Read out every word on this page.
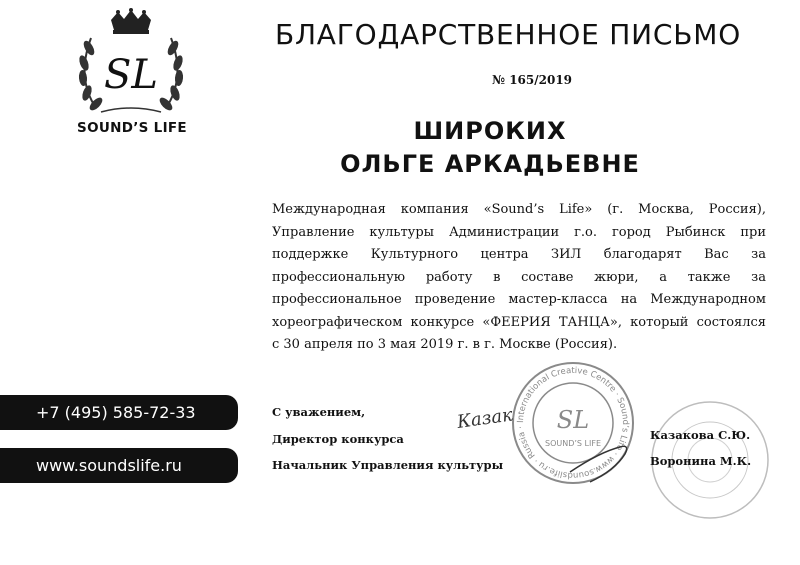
SL
SOUND’S LIFE
БЛАГОДАРСТВЕННОЕ ПИСЬМО
№ 165/2019
ШИРОКИХ
ОЛЬГЕ АРКАДЬЕВНЕ
Международная компания «Sound’s Life» (г. Москва, Россия),
Управление культуры Администрации г.о. город Рыбинск при
поддержке Культурного центра ЗИЛ благодарят Вас за
профессиональную работу в составе жюри, а также за
профессиональное проведение мастер-класса на Международном
хореографическом конкурсе «ФЕЕРИЯ ТАНЦА», который состоялся
с 30 апреля по 3 мая 2019 г. в г. Москве (Россия).
+7 (495) 585-72-33
www.soundslife.ru
International Creative Centre · Sound’s Life · www.soundslife.ru · Russia ·	SL
SOUND’S LIFE
Казак
С уважением,
Директор конкурса
Начальник Управления культуры
Казакова С.Ю.
Воронина М.К.
